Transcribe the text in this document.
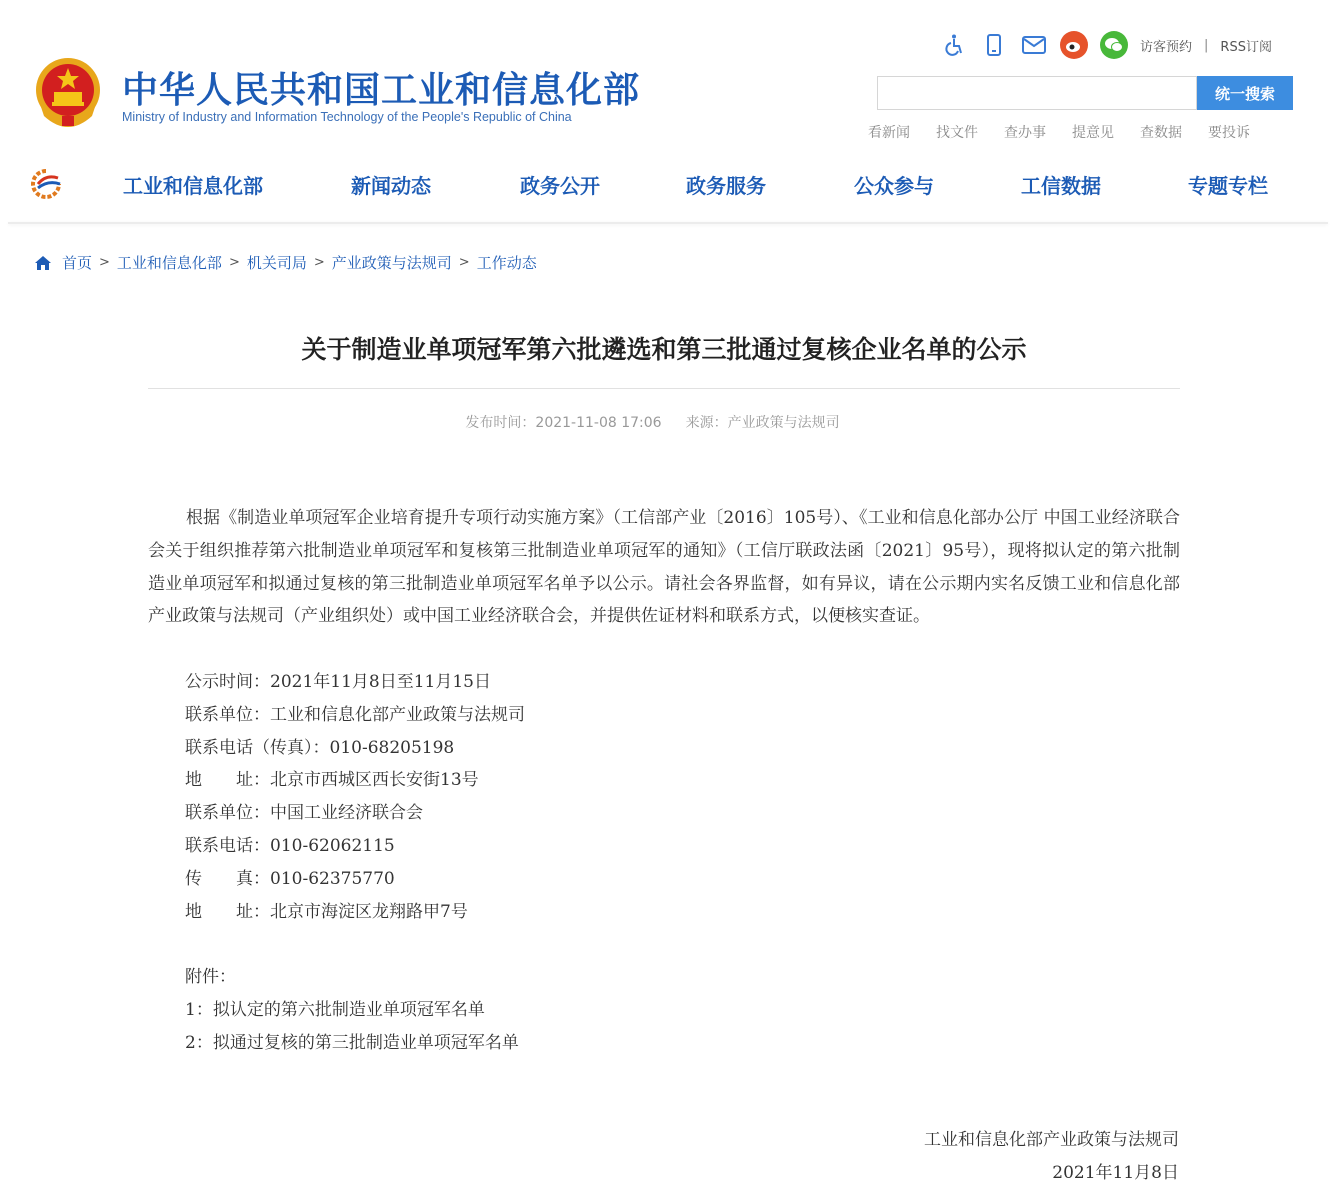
中华人民共和国工业和信息化部
Ministry of Industry and Information Technology of the People's Republic of China
访客预约 | RSS订阅
统一搜索
看新闻 找文件 查办事 提意见 查数据 要投诉
工业和信息化部	新闻动态	政务公开	政务服务	公众参与	工信数据	专题专栏
首页 > 工业和信息化部 > 机关司局 > 产业政策与法规司 > 工作动态
关于制造业单项冠军第六批遴选和第三批通过复核企业名单的公示
发布时间：2021-11-08 17:06 来源：产业政策与法规司

根据《制造业单项冠军企业培育提升专项行动实施方案》（工信部产业〔2016〕105号）、《工业和信息化部办公厅 中国工业经济联合会关于组织推荐第六批制造业单项冠军和复核第三批制造业单项冠军的通知》（工信厅联政法函〔2021〕95号），现将拟认定的第六批制造业单项冠军和拟通过复核的第三批制造业单项冠军名单予以公示。请社会各界监督，如有异议，请在公示期内实名反馈工业和信息化部产业政策与法规司（产业组织处）或中国工业经济联合会，并提供佐证材料和联系方式，以便核实查证。

公示时间：2021年11月8日至11月15日
联系单位：工业和信息化部产业政策与法规司
联系电话（传真）：010-68205198
地　　址：北京市西城区西长安街13号
联系单位：中国工业经济联合会
联系电话：010-62062115
传　　真：010-62375770
地　　址：北京市海淀区龙翔路甲7号
附件：
1：拟认定的第六批制造业单项冠军名单
2：拟通过复核的第三批制造业单项冠军名单
工业和信息化部产业政策与法规司
2021年11月8日
